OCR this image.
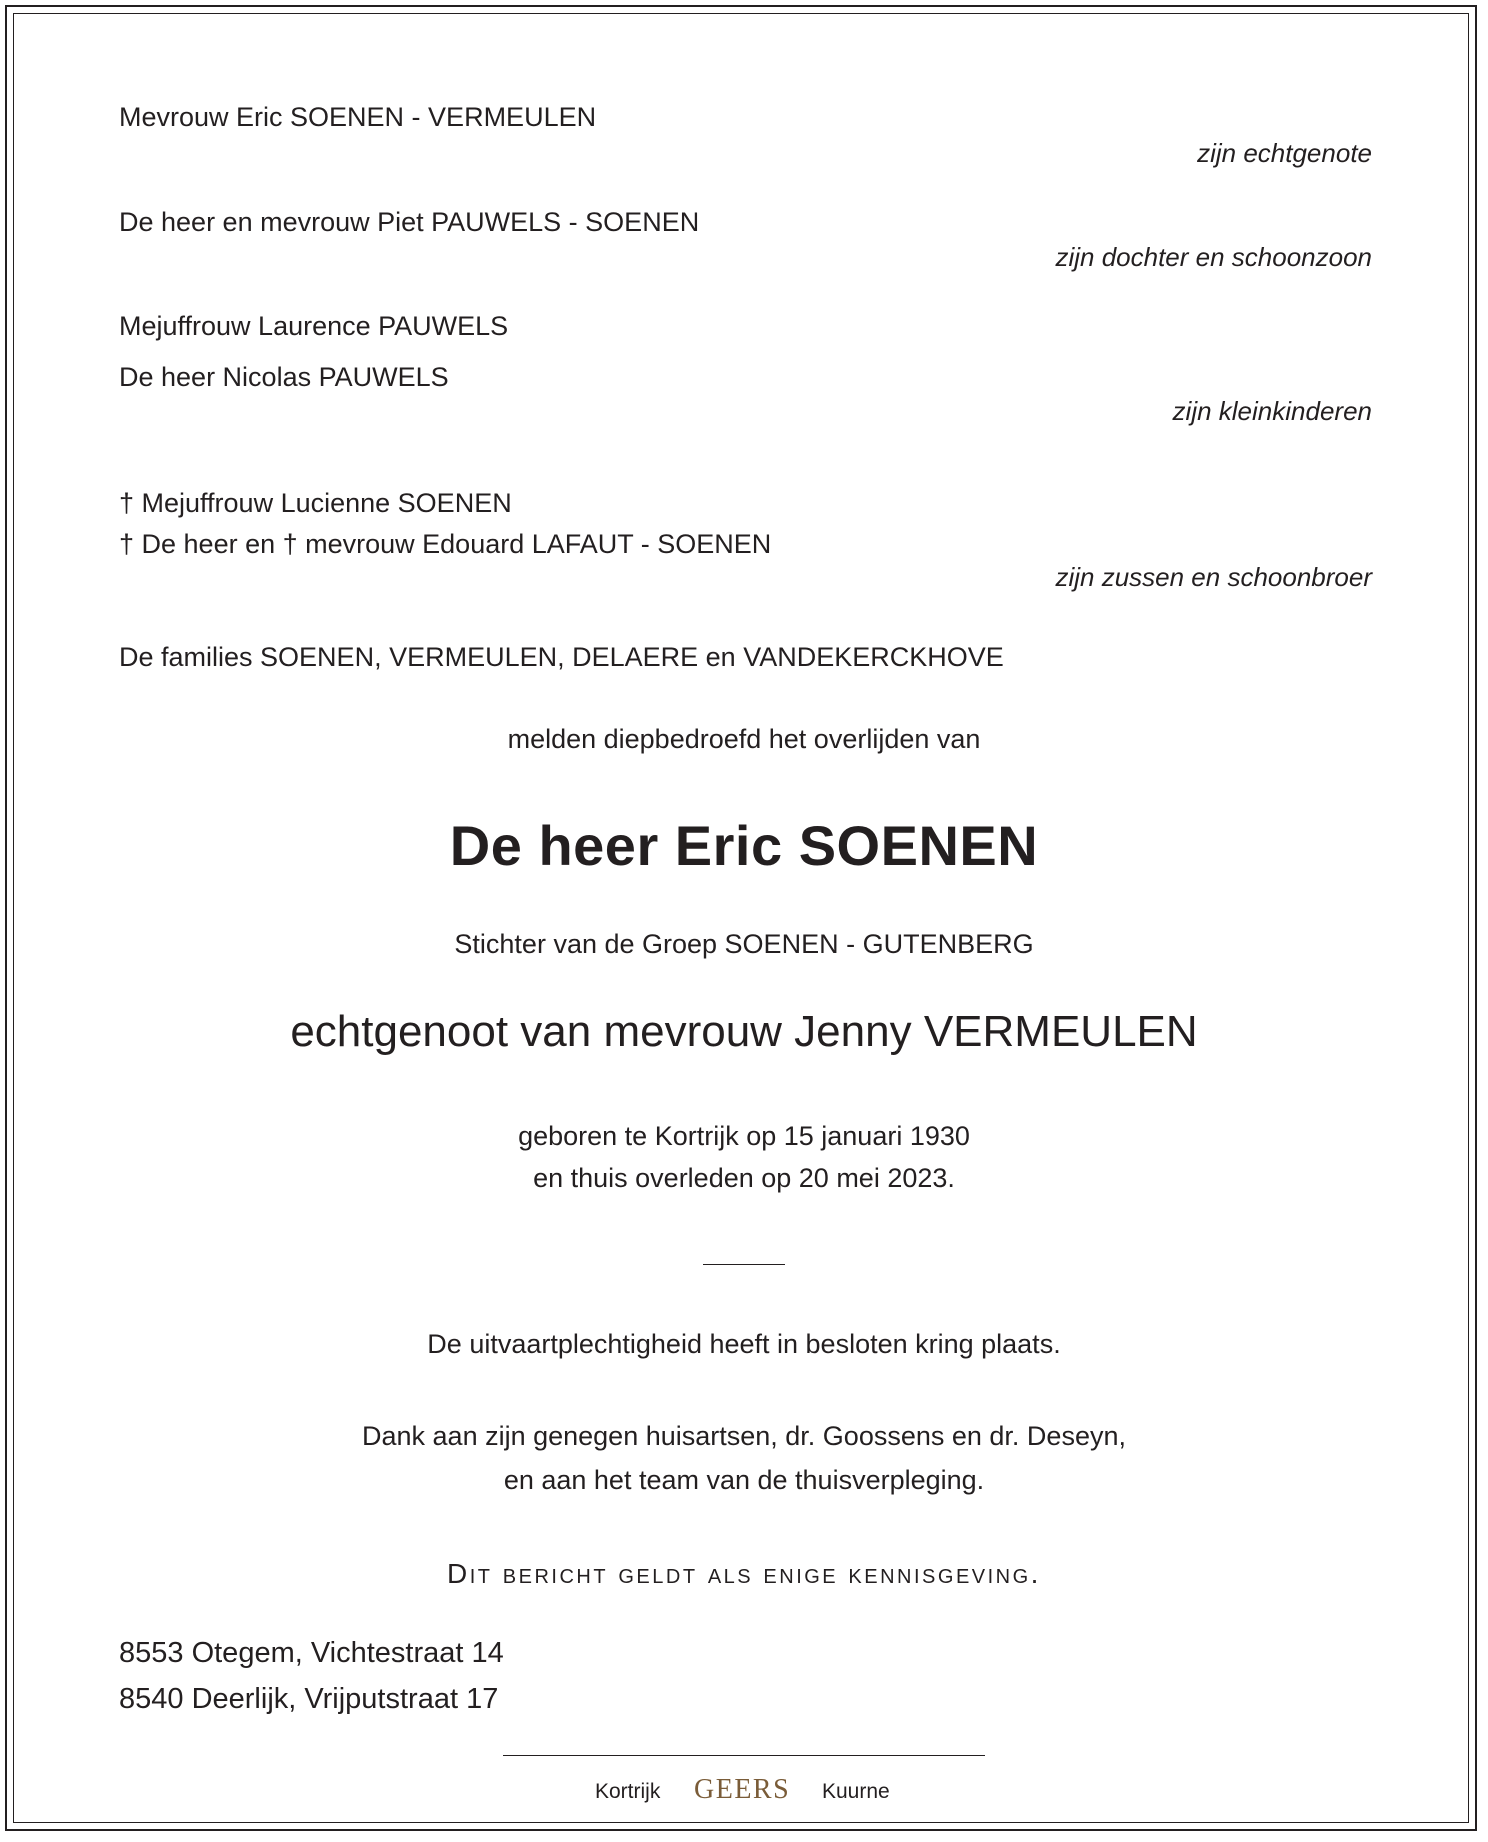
Mevrouw Eric SOENEN - VERMEULEN
zijn echtgenote
De heer en mevrouw Piet PAUWELS - SOENEN
zijn dochter en schoonzoon
Mejuffrouw Laurence PAUWELS
De heer Nicolas PAUWELS
zijn kleinkinderen
† Mejuffrouw Lucienne SOENEN
† De heer en † mevrouw Edouard LAFAUT - SOENEN
zijn zussen en schoonbroer
De families SOENEN, VERMEULEN, DELAERE en VANDEKERCKHOVE
melden diepbedroefd het overlijden van
De heer Eric SOENEN
Stichter van de Groep SOENEN - GUTENBERG
echtgenoot van mevrouw Jenny VERMEULEN
geboren te Kortrijk op 15 januari 1930
en thuis overleden op 20 mei 2023.
De uitvaartplechtigheid heeft in besloten kring plaats.
Dank aan zijn genegen huisartsen, dr. Goossens en dr. Deseyn,
en aan het team van de thuisverpleging.
Dit bericht geldt als enige kennisgeving.
8553 Otegem, Vichtestraat 14
8540 Deerlijk, Vrijputstraat 17
Kortrijk GEERS Kuurne
